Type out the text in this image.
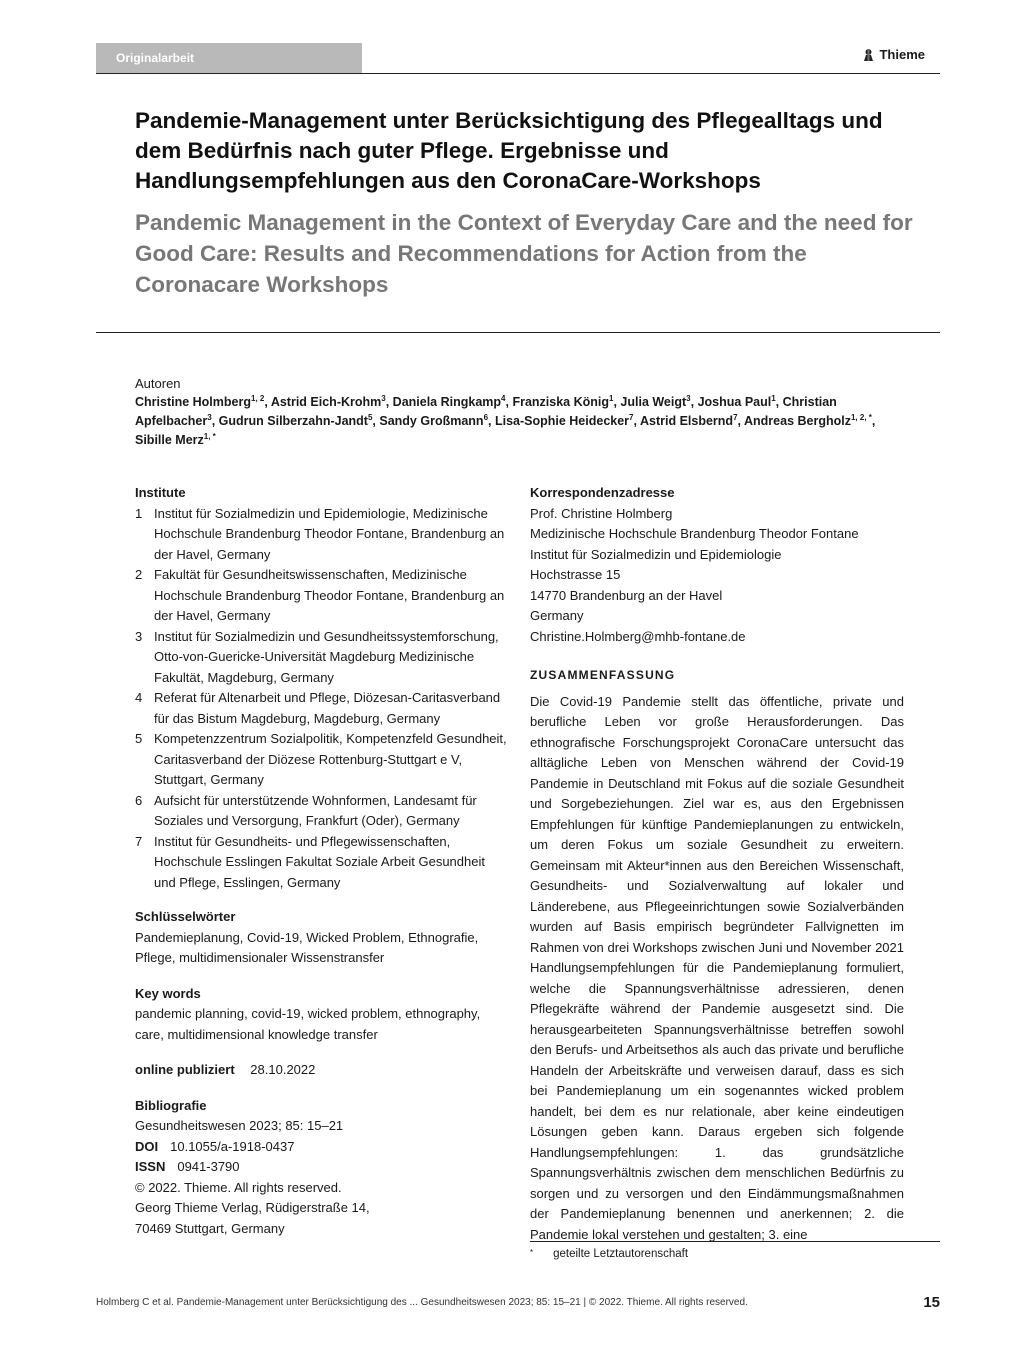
Originalarbeit	Thieme
Pandemie-Management unter Berücksichtigung des Pflegealltags und dem Bedürfnis nach guter Pflege. Ergebnisse und Handlungsempfehlungen aus den CoronaCare-Workshops
Pandemic Management in the Context of Everyday Care and the need for Good Care: Results and Recommendations for Action from the Coronacare Workshops
Autoren
Christine Holmberg$^{1, 2}$, Astrid Eich-Krohm$^3$, Daniela Ringkamp$^4$, Franziska König$^1$, Julia Weigt$^3$, Joshua Paul$^1$, Christian Apfelbacher$^3$, Gudrun Silberzahn-Jandt$^5$, Sandy Großmann$^6$, Lisa-Sophie Heidecker$^7$, Astrid Elsbernd$^7$, Andreas Bergholz$^{1, 2, *}$, Sibille Merz$^{1, *}$
Institute
1 Institut für Sozialmedizin und Epidemiologie, Medizinische Hochschule Brandenburg Theodor Fontane, Brandenburg an der Havel, Germany
2 Fakultät für Gesundheitswissenschaften, Medizinische Hochschule Brandenburg Theodor Fontane, Brandenburg an der Havel, Germany
3 Institut für Sozialmedizin und Gesundheitssystemforschung, Otto-von-Guericke-Universität Magdeburg Medizinische Fakultät, Magdeburg, Germany
4 Referat für Altenarbeit und Pflege, Diözesan-Caritasverband für das Bistum Magdeburg, Magdeburg, Germany
5 Kompetenzzentrum Sozialpolitik, Kompetenzfeld Gesundheit, Caritasverband der Diözese Rottenburg-Stuttgart e V, Stuttgart, Germany
6 Aufsicht für unterstützende Wohnformen, Landesamt für Soziales und Versorgung, Frankfurt (Oder), Germany
7 Institut für Gesundheits- und Pflegewissenschaften, Hochschule Esslingen Fakultat Soziale Arbeit Gesundheit und Pflege, Esslingen, Germany
Schlüsselwörter
Pandemieplanung, Covid-19, Wicked Problem, Ethnografie, Pflege, multidimensionaler Wissenstransfer
Key words
pandemic planning, covid-19, wicked problem, ethnography, care, multidimensional knowledge transfer
online publiziert 28.10.2022
Bibliografie
Gesundheitswesen 2023; 85: 15–21
DOI 10.1055/a-1918-0437
ISSN 0941-3790
© 2022. Thieme. All rights reserved.
Georg Thieme Verlag, Rüdigerstraße 14,
70469 Stuttgart, Germany
Korrespondenzadresse
Prof. Christine Holmberg
Medizinische Hochschule Brandenburg Theodor Fontane
Institut für Sozialmedizin und Epidemiologie
Hochstrasse 15
14770 Brandenburg an der Havel
Germany
Christine.Holmberg@mhb-fontane.de
ZUSAMMENFASSUNG
Die Covid-19 Pandemie stellt das öffentliche, private und berufliche Leben vor große Herausforderungen. Das ethnografische Forschungsprojekt CoronaCare untersucht das alltägliche Leben von Menschen während der Covid-19 Pandemie in Deutschland mit Fokus auf die soziale Gesundheit und Sorgebeziehungen. Ziel war es, aus den Ergebnissen Empfehlungen für künftige Pandemieplanungen zu entwickeln, um deren Fokus um soziale Gesundheit zu erweitern. Gemeinsam mit Akteur*innen aus den Bereichen Wissenschaft, Gesundheits- und Sozialverwaltung auf lokaler und Länderebene, aus Pflegeeinrichtungen sowie Sozialverbänden wurden auf Basis empirisch begründeter Fallvignetten im Rahmen von drei Workshops zwischen Juni und November 2021 Handlungsempfehlungen für die Pandemieplanung formuliert, welche die Spannungsverhältnisse adressieren, denen Pflegekräfte während der Pandemie ausgesetzt sind. Die herausgearbeiteten Spannungsverhältnisse betreffen sowohl den Berufs- und Arbeitsethos als auch das private und berufliche Handeln der Arbeitskräfte und verweisen darauf, dass es sich bei Pandemieplanung um ein sogenanntes wicked problem handelt, bei dem es nur relationale, aber keine eindeutigen Lösungen geben kann. Daraus ergeben sich folgende Handlungsempfehlungen: 1. das grundsätzliche Spannungsverhältnis zwischen dem menschlichen Bedürfnis zu sorgen und zu versorgen und den Eindämmungsmaßnahmen der Pandemieplanung benennen und anerkennen; 2. die Pandemie lokal verstehen und gestalten; 3. eine
* geteilte Letztautorenschaft
Holmberg C et al. Pandemie-Management unter Berücksichtigung des ... Gesundheitswesen 2023; 85: 15–21 | © 2022. Thieme. All rights reserved.	15
